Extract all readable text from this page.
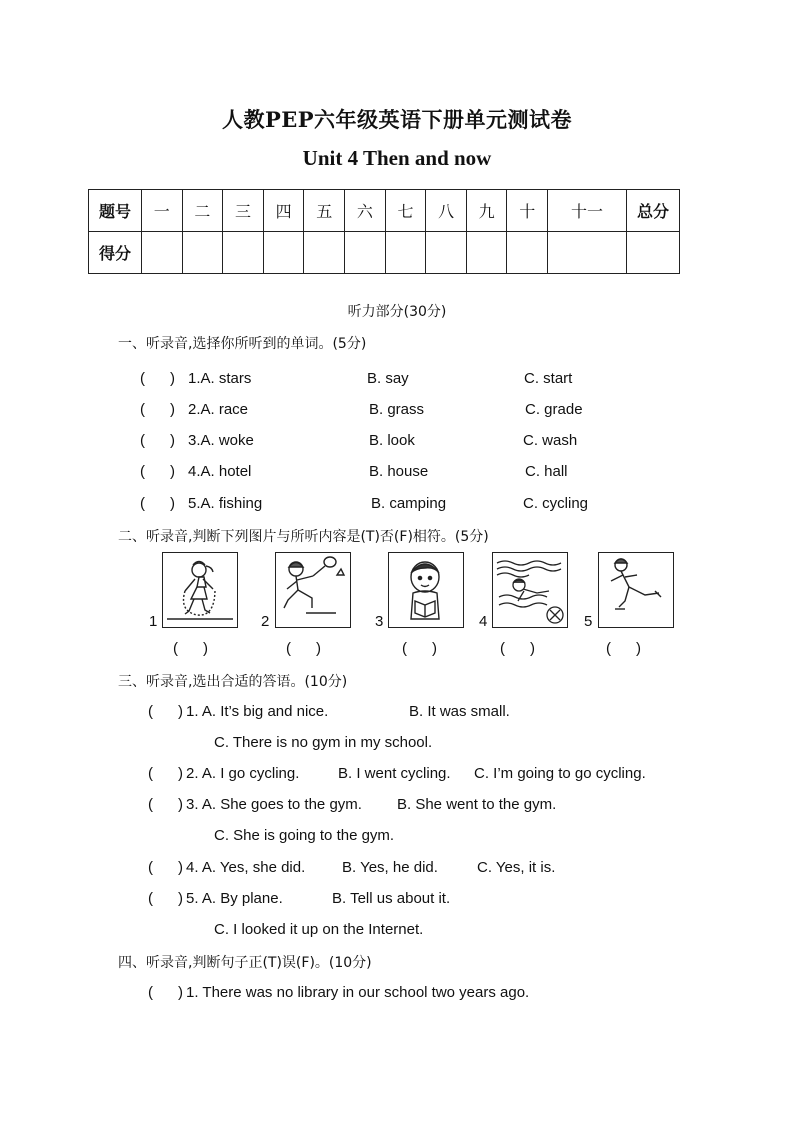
人教PEP六年级英语下册单元测试卷
Unit 4 Then and now
题号	一	二	三	四	五	六	七	八	九	十	十一	总分
得分												
听力部分(30分)
一、听录音,选择你所听到的单词。(5分)
(      ) 1.A. stars	B. say	C. start
(      ) 2.A. race	B. grass	C. grade
(      ) 3.A. woke	B. look	C. wash
(      ) 4.A. hotel	B. house	C. hall
(      ) 5.A. fishing	B. camping	C. cycling
二、听录音,判断下列图片与所听内容是(T)否(F)相符。(5分)
1
(      )
2
(      )
3
(      )
4
(      )
5
(      )
三、听录音,选出合适的答语。(10分)
(      ) 1. A. It’s big and nice.	B. It was small.
C. There is no gym in my school.
(      ) 2. A. I go cycling.	B. I went cycling. C. I’m going to go cycling.
(      ) 3. A. She goes to the gym. B. She went to the gym.
C. She is going to the gym.
(      ) 4. A. Yes, she did. B. Yes, he did.	C. Yes, it is.
(      ) 5. A. By plane.	B. Tell us about it.
C. I looked it up on the Internet.
四、听录音,判断句子正(T)误(F)。(10分)
(      ) 1. There was no library in our school two years ago.
